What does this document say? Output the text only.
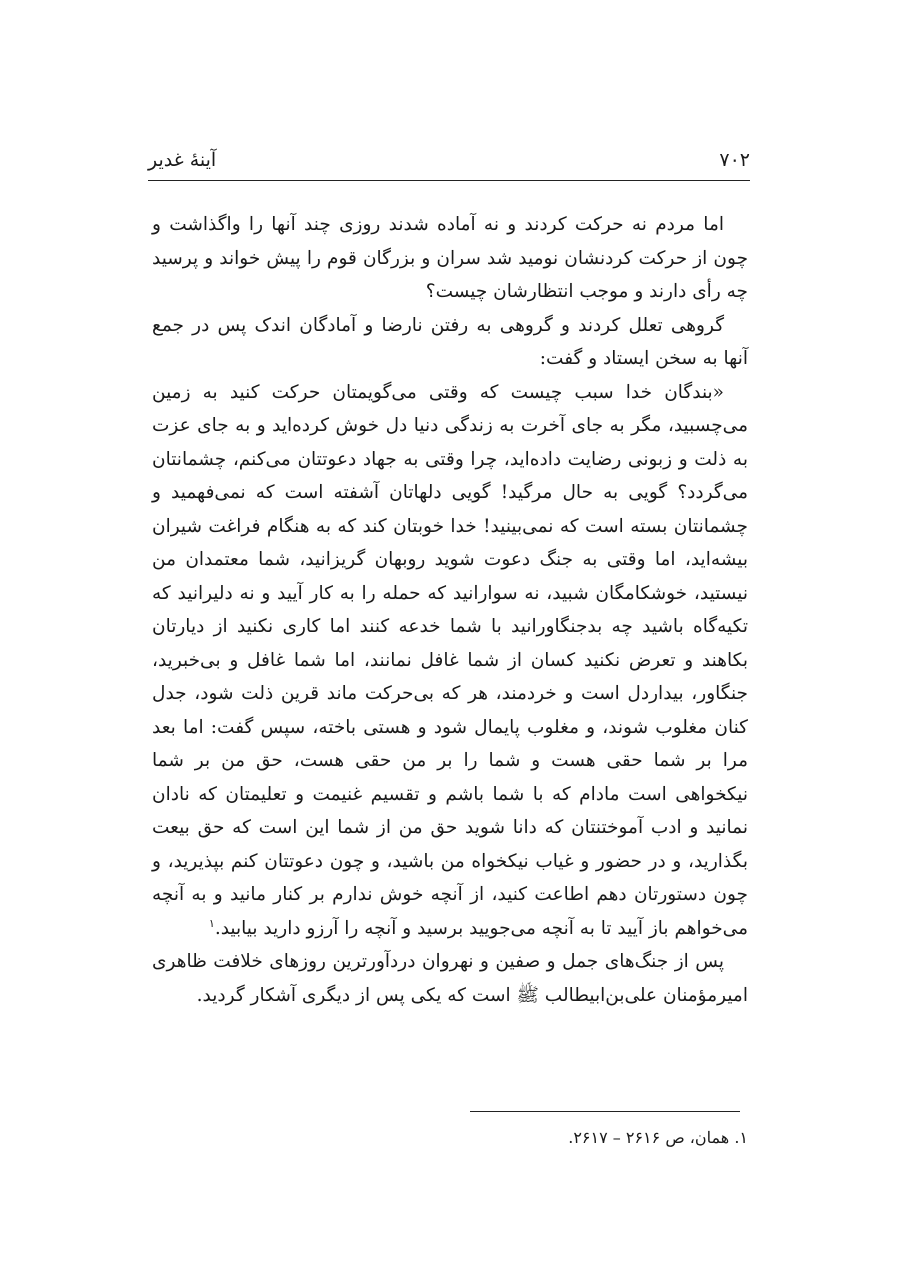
۷۰۲
آینۀ غدیر

اما مردم نه حرکت کردند و نه آماده شدند روزی چند آنها را واگذاشت و چون از حرکت کردنشان نومید شد سران و بزرگان قوم را پیش خواند و پرسید چه رأی دارند و موجب انتظارشان چیست؟

گروهی تعلل کردند و گروهی به رفتن نارضا و آمادگان اندک پس در جمع آنها به سخن ایستاد و گفت:

«بندگان خدا سبب چیست که وقتی می‌گویمتان حرکت کنید به زمین می‌چسبید، مگر به جای آخرت به زندگی دنیا دل خوش کرده‌اید و به جای عزت به ذلت و زبونی رضایت داده‌اید، چرا وقتی به جهاد دعوتتان می‌کنم، چشمانتان می‌گردد؟ گویی به حال مرگید! گویی دلهاتان آشفته است که نمی‌فهمید و چشمانتان بسته است که نمی‌بینید! خدا خوبتان کند که به هنگام فراغت شیران بیشه‌اید، اما وقتی به جنگ دعوت شوید روبهان گریزانید، شما معتمدان من نیستید، خوشکامگان شبید، نه سوارانید که حمله را به کار آیید و نه دلیرانید که تکیه‌گاه باشید چه بدجنگاورانید با شما خدعه کنند اما کاری نکنید از دیارتان بکاهند و تعرض نکنید کسان از شما غافل نمانند، اما شما غافل و بی‌خبرید، جنگاور، بیداردل است و خردمند، هر که بی‌حرکت ماند قرین ذلت شود، جدل کنان مغلوب شوند، و مغلوب پایمال شود و هستی باخته، سپس گفت: اما بعد مرا بر شما حقی هست و شما را بر من حقی هست، حق من بر شما نیکخواهی است مادام که با شما باشم و تقسیم غنیمت و تعلیمتان که نادان نمانید و ادب آموختنتان که دانا شوید حق من از شما این است که حق بیعت بگذارید، و در حضور و غیاب نیکخواه من باشید، و چون دعوتتان کنم بپذیرید، و چون دستورتان دهم اطاعت کنید، از آنچه خوش ندارم بر کنار مانید و به آنچه می‌خواهم باز آیید تا به آنچه می‌جویید برسید و آنچه را آرزو دارید بیابید.$^۱$

پس از جنگ‌های جمل و صفین و نهروان دردآورترین روزهای خلافت ظاهری امیرمؤمنان علی‌بن‌ابیطالب ﷺ است که یکی پس از دیگری آشکار گردید.

۱. همان، ص ۲۶۱۶ – ۲۶۱۷.
